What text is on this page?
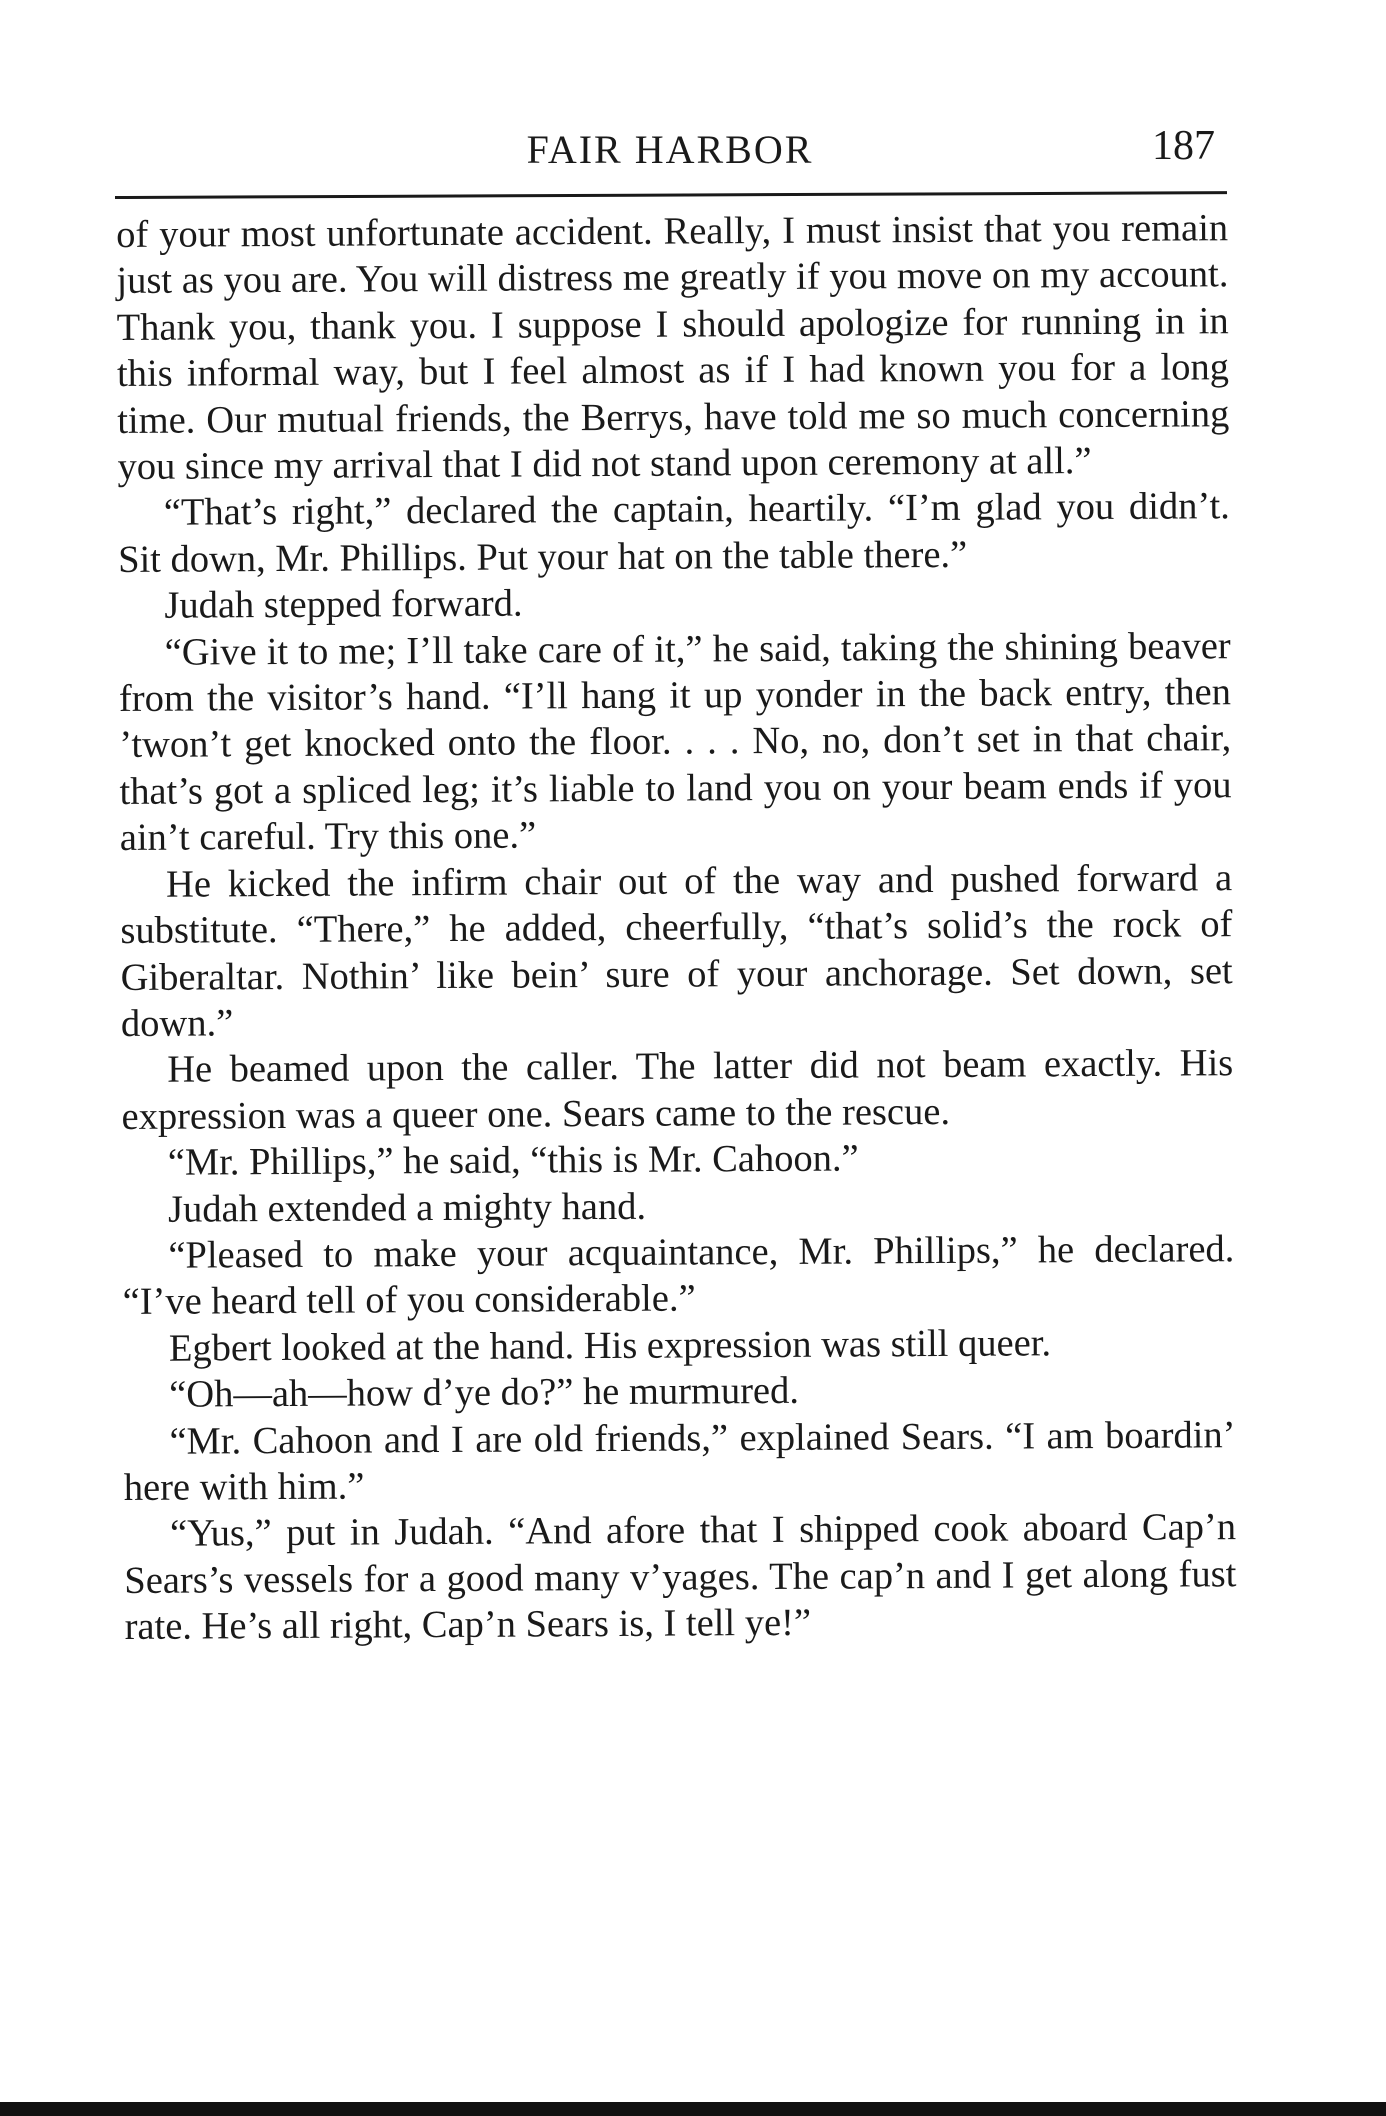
FAIR HARBOR	187

of your most unfortunate accident. Really, I must insist that you remain just as you are. You will distress me greatly if you move on my account. Thank you, thank you. I suppose I should apologize for running in in this informal way, but I feel almost as if I had known you for a long time. Our mutual friends, the Berrys, have told me so much concerning you since my arrival that I did not stand upon ceremony at all.”

“That’s right,” declared the captain, heartily. “I’m glad you didn’t. Sit down, Mr. Phillips. Put your hat on the table there.”

Judah stepped forward.

“Give it to me; I’ll take care of it,” he said, taking the shining beaver from the visitor’s hand. “I’ll hang it up yonder in the back entry, then ’twon’t get knocked onto the floor. . . . No, no, don’t set in that chair, that’s got a spliced leg; it’s liable to land you on your beam ends if you ain’t careful. Try this one.”

He kicked the infirm chair out of the way and pushed forward a substitute. “There,” he added, cheerfully, “that’s solid’s the rock of Giberaltar. Nothin’ like bein’ sure of your anchorage. Set down, set down.”

He beamed upon the caller. The latter did not beam exactly. His expression was a queer one. Sears came to the rescue.

“Mr. Phillips,” he said, “this is Mr. Cahoon.”

Judah extended a mighty hand.

“Pleased to make your acquaintance, Mr. Phillips,” he declared. “I’ve heard tell of you considerable.”

Egbert looked at the hand. His expression was still queer.

“Oh—ah—how d’ye do?” he murmured.

“Mr. Cahoon and I are old friends,” explained Sears. “I am boardin’ here with him.”

“Yus,” put in Judah. “And afore that I shipped cook aboard Cap’n Sears’s vessels for a good many v’yages. The cap’n and I get along fust rate. He’s all right, Cap’n Sears is, I tell ye!”
